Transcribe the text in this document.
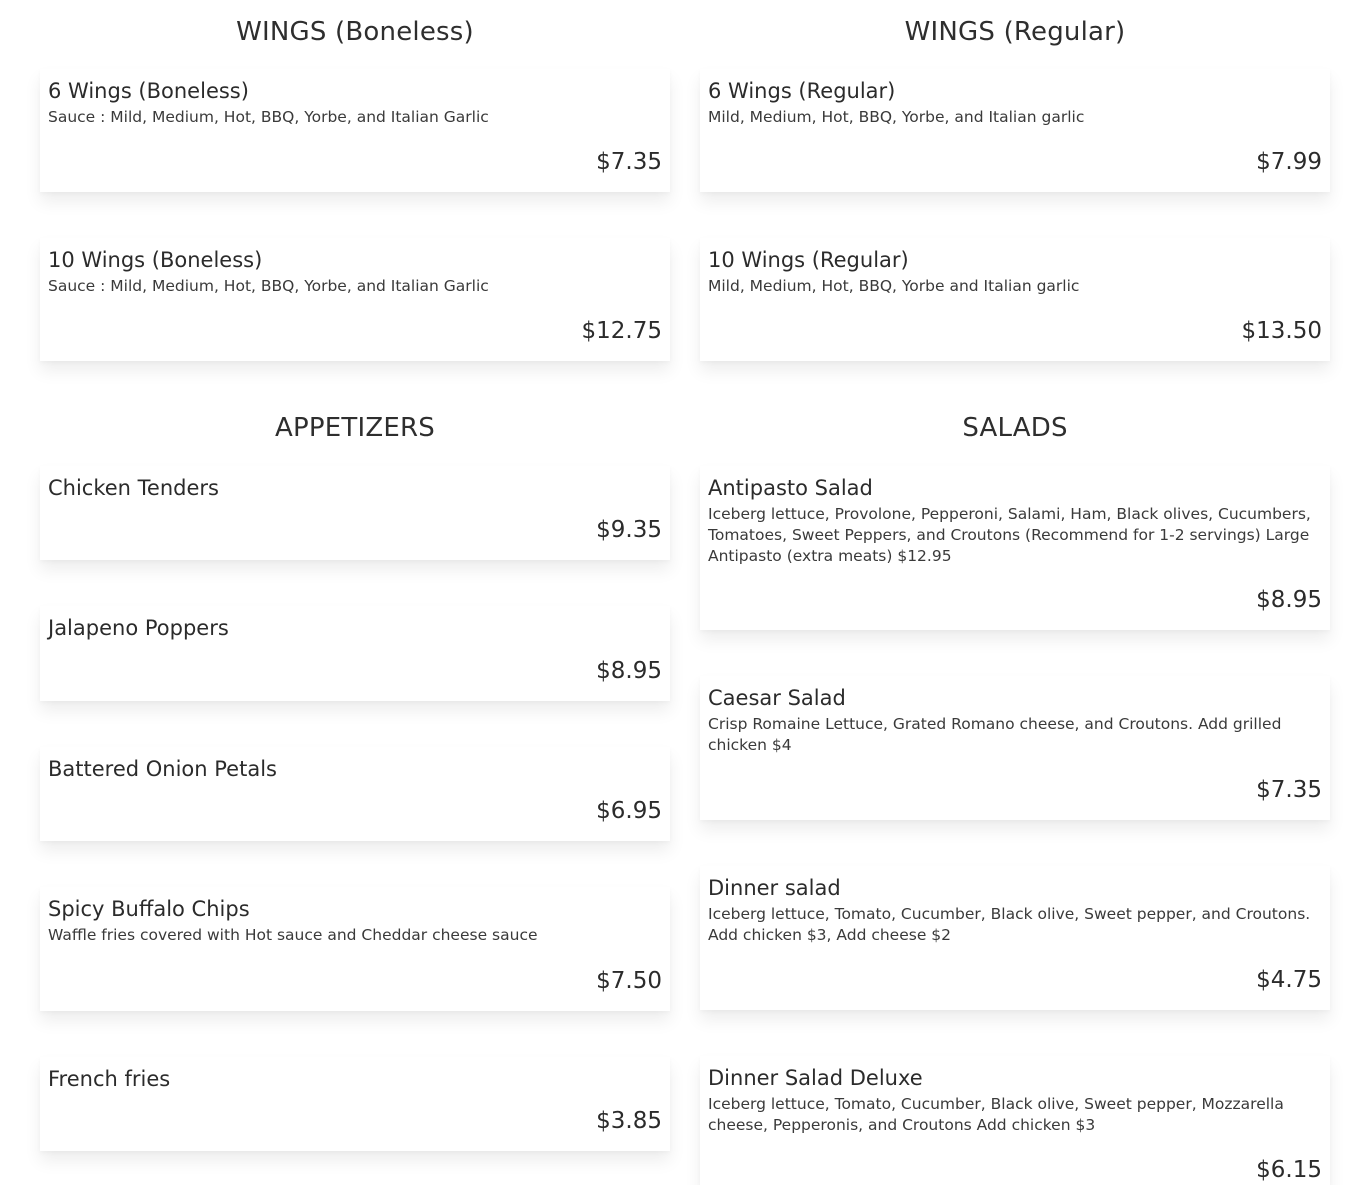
WINGS (Boneless)
6 Wings (Boneless)
Sauce : Mild, Medium, Hot, BBQ, Yorbe, and Italian Garlic
$7.35
10 Wings (Boneless)
Sauce : Mild, Medium, Hot, BBQ, Yorbe, and Italian Garlic
$12.75
APPETIZERS
Chicken Tenders
$9.35
Jalapeno Poppers
$8.95
Battered Onion Petals
$6.95
Spicy Buffalo Chips
Waffle fries covered with Hot sauce and Cheddar cheese sauce
$7.50
French fries
$3.85
WINGS (Regular)
6 Wings (Regular)
Mild, Medium, Hot, BBQ, Yorbe, and Italian garlic
$7.99
10 Wings (Regular)
Mild, Medium, Hot, BBQ, Yorbe and Italian garlic
$13.50
SALADS
Antipasto Salad
Iceberg lettuce, Provolone, Pepperoni, Salami, Ham, Black olives, Cucumbers, Tomatoes, Sweet Peppers, and Croutons (Recommend for 1-2 servings) Large Antipasto (extra meats) $12.95
$8.95
Caesar Salad
Crisp Romaine Lettuce, Grated Romano cheese, and Croutons. Add grilled chicken $4
$7.35
Dinner salad
Iceberg lettuce, Tomato, Cucumber, Black olive, Sweet pepper, and Croutons. Add chicken $3, Add cheese $2
$4.75
Dinner Salad Deluxe
Iceberg lettuce, Tomato, Cucumber, Black olive, Sweet pepper, Mozzarella cheese, Pepperonis, and Croutons Add chicken $3
$6.15
